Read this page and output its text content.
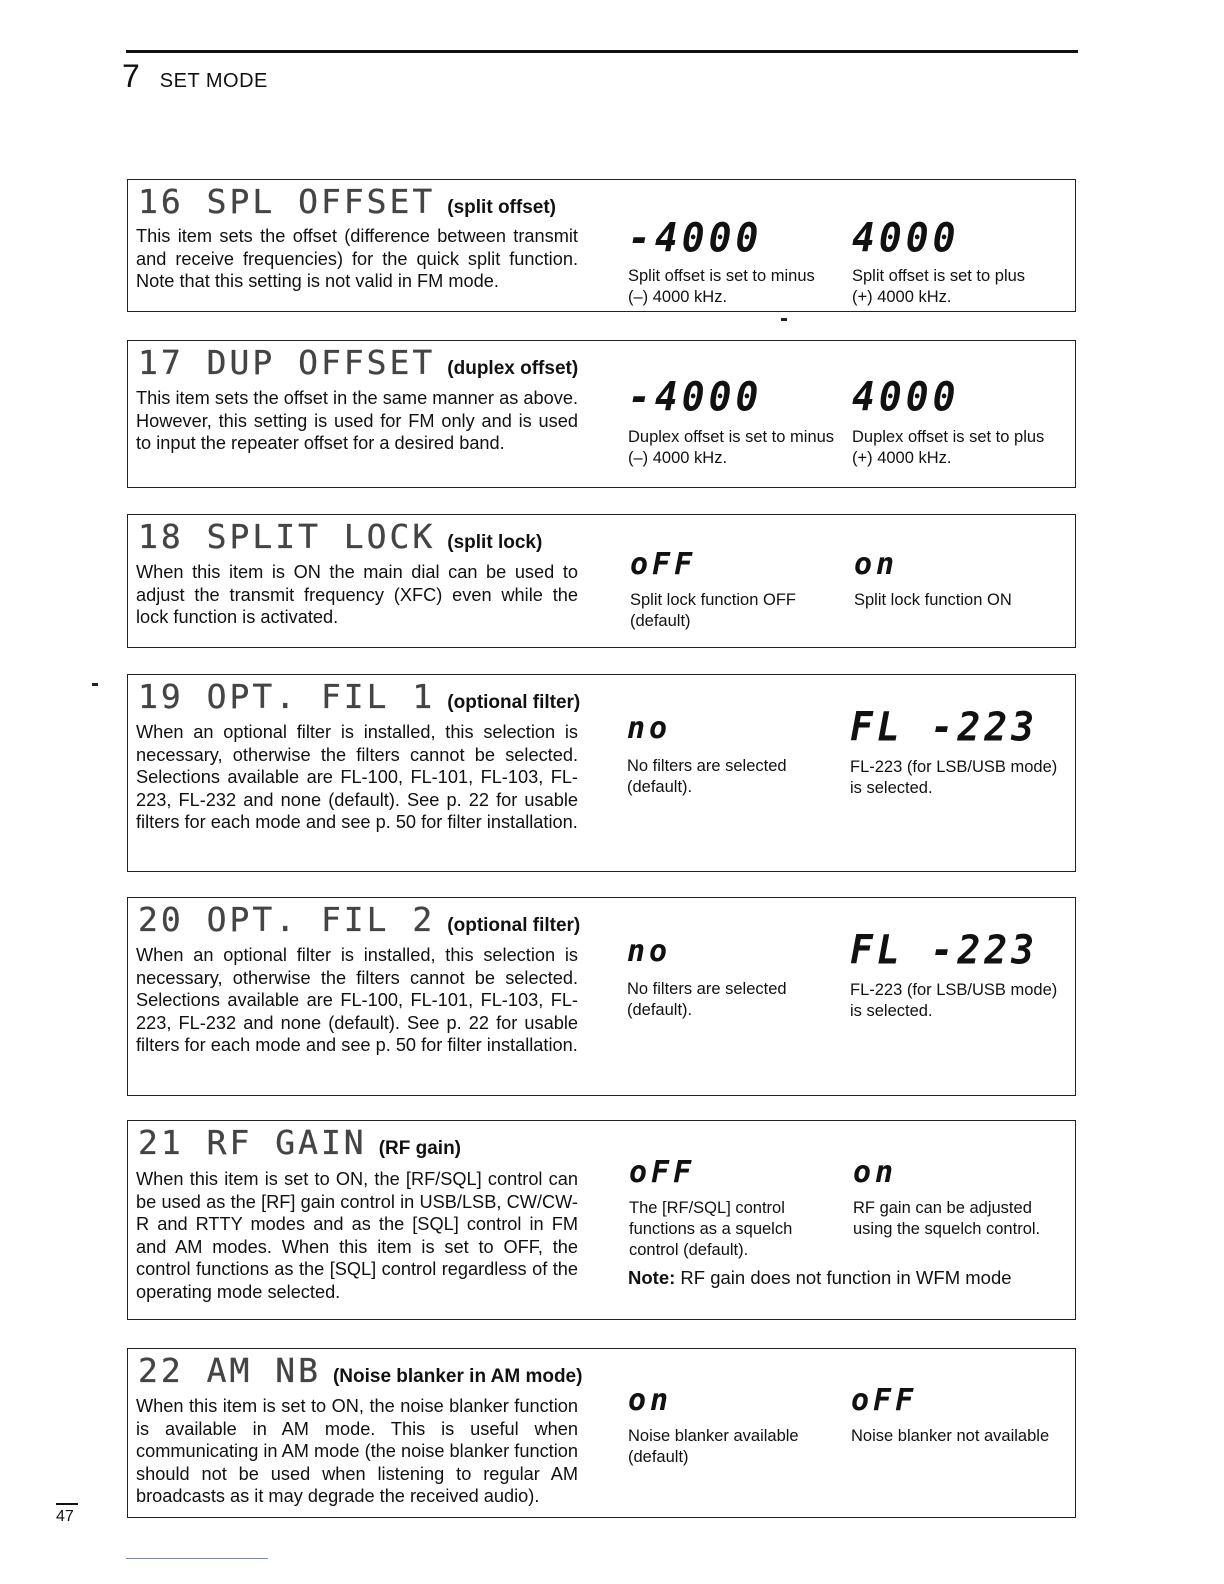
7 SET MODE
16 SPL OFFSET (split offset)
This item sets the offset (difference between transmit and receive frequencies) for the quick split function. Note that this setting is not valid in FM mode.
-4000
Split offset is set to minus
(–) 4000 kHz.
4000
Split offset is set to plus
(+) 4000 kHz.
17 DUP OFFSET (duplex offset)
This item sets the offset in the same manner as above. However, this setting is used for FM only and is used to input the repeater offset for a desired band.
-4000
Duplex offset is set to minus
(–) 4000 kHz.
4000
Duplex offset is set to plus
(+) 4000 kHz.
18 SPLIT LOCK (split lock)
When this item is ON the main dial can be used to adjust the transmit frequency (XFC) even while the lock function is activated.
oFF
Split lock function OFF
(default)
on
Split lock function ON
19 OPT. FIL 1 (optional filter)
When an optional filter is installed, this selection is necessary, otherwise the filters cannot be selected. Selections available are FL-100, FL-101, FL-103, FL-223, FL-232 and none (default). See p. 22 for usable filters for each mode and see p. 50 for filter installation.
no
No filters are selected
(default).
FL -223
FL-223 (for LSB/USB mode)
is selected.
20 OPT. FIL 2 (optional filter)
When an optional filter is installed, this selection is necessary, otherwise the filters cannot be selected. Selections available are FL-100, FL-101, FL-103, FL-223, FL-232 and none (default). See p. 22 for usable filters for each mode and see p. 50 for filter installation.
no
No filters are selected
(default).
FL -223
FL-223 (for LSB/USB mode)
is selected.
21 RF GAIN (RF gain)
When this item is set to ON, the [RF/SQL] control can be used as the [RF] gain control in USB/LSB, CW/CW-R and RTTY modes and as the [SQL] control in FM and AM modes. When this item is set to OFF, the control functions as the [SQL] control regardless of the operating mode selected.
oFF
The [RF/SQL] control
functions as a squelch
control (default).
on
RF gain can be adjusted
using the squelch control.
Note: RF gain does not function in WFM mode
22 AM NB (Noise blanker in AM mode)
When this item is set to ON, the noise blanker function is available in AM mode. This is useful when communicating in AM mode (the noise blanker function should not be used when listening to regular AM broadcasts as it may degrade the received audio).
on
Noise blanker available
(default)
oFF
Noise blanker not available
47
